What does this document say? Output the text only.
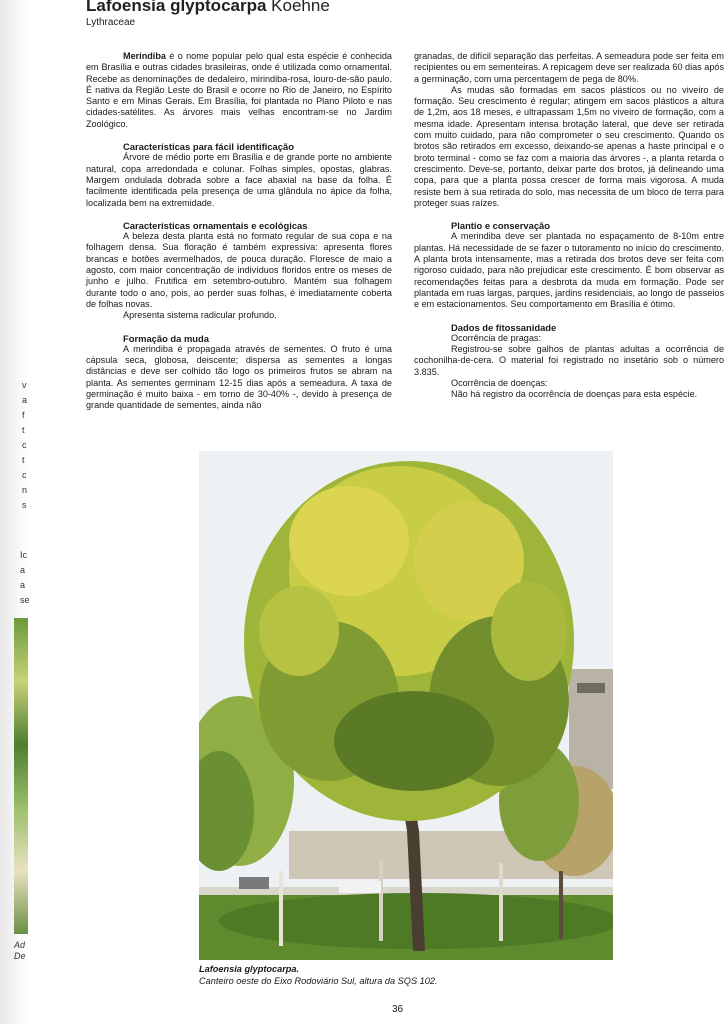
v
a
f
t
c
t
c
n
s
Ic
a
a
se
Ad
De
Lafoensia glyptocarpa Koehne
Lythraceae

Merindiba é o nome popular pelo qual esta espécie é conhecida em Brasília e outras cidades brasileiras, onde é utilizada como ornamental. Recebe as denominações de dedaleiro, mirindiba-rosa, louro-de-são paulo. É nativa da Região Leste do Brasil e ocorre no Rio de Janeiro, no Espírito Santo e em Minas Gerais. Em Brasília, foi plantada no Plano Piloto e nas cidades-satélites. As árvores mais velhas encontram-se no Jardim Zoológico.

Características para fácil identificação

Árvore de médio porte em Brasília e de grande porte no ambiente natural, copa arredondada e colunar. Folhas simples, opostas, glabras. Margem ondulada dobrada sobre a face abaxial na base da folha. É facilmente identificada pela presença de uma glândula no ápice da folha, localizada bem na extremidade.

Características ornamentais e ecológicas

A beleza desta planta está no formato regular de sua copa e na folhagem densa. Sua floração é também expressiva: apresenta flores brancas e botões avermelhados, de pouca duração. Floresce de maio a agosto, com maior concentração de indivíduos floridos entre os meses de junho e julho. Frutifica em setembro-outubro. Mantém sua folhagem durante todo o ano, pois, ao perder suas folhas, é imediatamente coberta de folhas novas.

Apresenta sistema radicular profundo.

Formação da muda

A merindiba é propagada através de sementes. O fruto é uma cápsula seca, globosa, deiscente; dispersa as sementes a longas distâncias e deve ser colhido tão logo os primeiros frutos se abram na planta. As sementes germinam 12-15 dias após a semeadura. A taxa de germinação é muito baixa - em torno de 30-40% -, devido à presença de grande quantidade de sementes, ainda não

granadas, de difícil separação das perfeitas. A semeadura pode ser feita em recipientes ou em sementeiras. A repicagem deve ser realizada 60 dias após a germinação, com uma percentagem de pega de 80%.

As mudas são formadas em sacos plásticos ou no viveiro de formação. Seu crescimento é regular; atingem em sacos plásticos a altura de 1,2m, aos 18 meses, e ultrapassam 1,5m no viveiro de formação, com a mesma idade. Apresentam intensa brotação lateral, que deve ser retirada com muito cuidado, para não comprometer o seu crescimento. Quando os brotos são retirados em excesso, deixando-se apenas a haste principal e o broto terminal - como se faz com a maioria das árvores -, a planta retarda o crescimento. Deve-se, portanto, deixar parte dos brotos, já delineando uma copa, para que a planta possa crescer de forma mais vigorosa. A muda resiste bem à sua retirada do solo, mas necessita de um bloco de terra para proteger suas raízes.

Plantio e conservação

A merindiba deve ser plantada no espaçamento de 8-10m entre plantas. Há necessidade de se fazer o tutoramento no início do crescimento. A planta brota intensamente, mas a retirada dos brotos deve ser feita com rigoroso cuidado, para não prejudicar este crescimento. É bom observar as recomendações feitas para a desbrota da muda em formação. Pode ser plantada em ruas largas, parques, jardins residenciais, ao longo de passeios e em estacionamentos. Seu comportamento em Brasília é ótimo.

Dados de fitossanidade

Ocorrência de pragas:

Registrou-se sobre galhos de plantas adultas a ocorrência de cochonilha-de-cera. O material foi registrado no insetário sob o número 3.835.

Ocorrência de doenças:

Não há registro da ocorrência de doenças para esta espécie.

Lafoensia glyptocarpa.
Canteiro oeste do Eixo Rodoviário Sul, altura da SQS 102.
36
